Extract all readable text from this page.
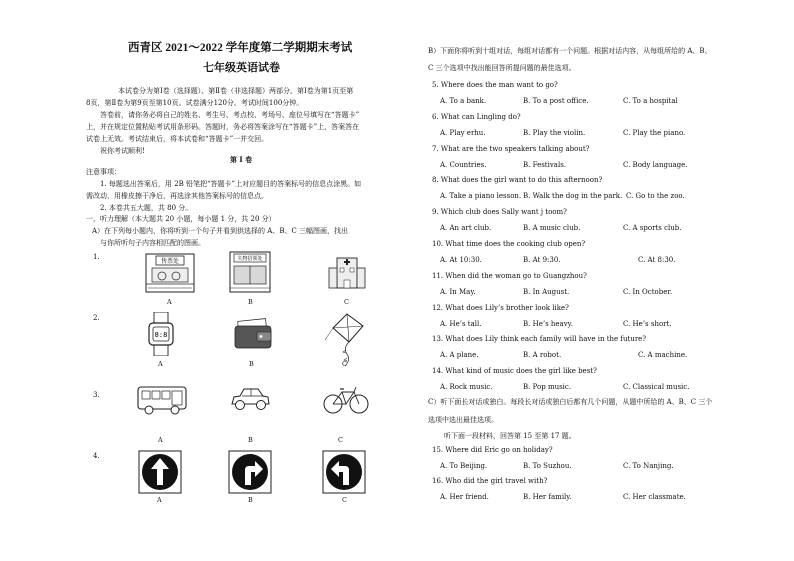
西青区 2021～2022 学年度第二学期期末考试
七年级英语试卷
本试卷分为第Ⅰ卷（选择题）、第Ⅱ卷（非选择题）两部分。第Ⅰ卷为第1页至第
8页，第Ⅱ卷为第9页至第10页。试卷满分120分。考试时间100分钟。
答卷前，请你务必将自己的姓名、考生号、考点校、考场号、座位号填写在“答题卡”
上，并在规定位置粘贴考试用条形码。答题时，务必将答案涂写在“答题卡”上，答案答在
试卷上无效。考试结束后，将本试卷和“答题卡”一并交回。
祝你考试顺利!
第 Ⅰ 卷
注意事项：
1. 每题选出答案后，用 2B 铅笔把“答题卡”上对应题目的答案标号的信息点涂黑。如
需改动，用橡皮擦干净后，再选涂其他答案标号的信息点。
2. 本卷共五大题，共 80 分。
一、听力理解（本大题共 20 小题，每小题 1 分，共 20 分）
A）在下列每小题内，你将听到一个句子并看到供选择的 A、B、C 三幅图画，找出
与你所听句子内容相匹配的图画。
1.
2.
3.
4.
售票处	失物招领处
A	B	C
8:8
A	B	C
A	B	C
A	B	C
B）下面你将听到十组对话，每组对话都有一个问题。根据对话内容，从每组所给的 A、B、
C 三个选项中找出能回答所提问题的最佳选项。
5. Where does the man want to go?
A. To a bank.	B. To a post office.	C. To a hospital
6. What can Lingling do?
A. Play erhu.	B. Play the violin.	C. Play the piano.
7. What are the two speakers talking about?
A. Countries.	B. Festivals.	C. Body language.
8. What does the girl want to do this afternoon?
A. Take a piano lesson. B. Walk the dog in the park. C. Go to the zoo.
9. Which club does Sally want j toom?
A. An art club.	B. A music club.	C. A sports club.
10. What time does the cooking club open?
A. At 10:30.	B. At 9:30.	C. At 8:30.
11. When did the woman go to Guangzhou?
A. In May.	B. In August.	C. In October.
12. What does Lily’s brother look like?
A. He’s tall.	B. He’s heavy.	C. He’s short.
13. What does Lily think each family will have in the future?
A. A plane.	B. A robot.	C. A machine.
14. What kind of music does the girl like best?
A. Rock music.	B. Pop music.	C. Classical music.
C）听下面长对话或独白。每段长对话或独白后都有几个问题，从题中所给的 A、B、C 三个
选项中选出最佳选项。
听下面一段材料，回答第 15 至第 17 题。
15. Where did Eric go on holiday?
A. To Beijing.	B. To Suzhou.	C. To Nanjing.
16. Who did the girl travel with?
A. Her friend.	B. Her family.	C. Her classmate.
